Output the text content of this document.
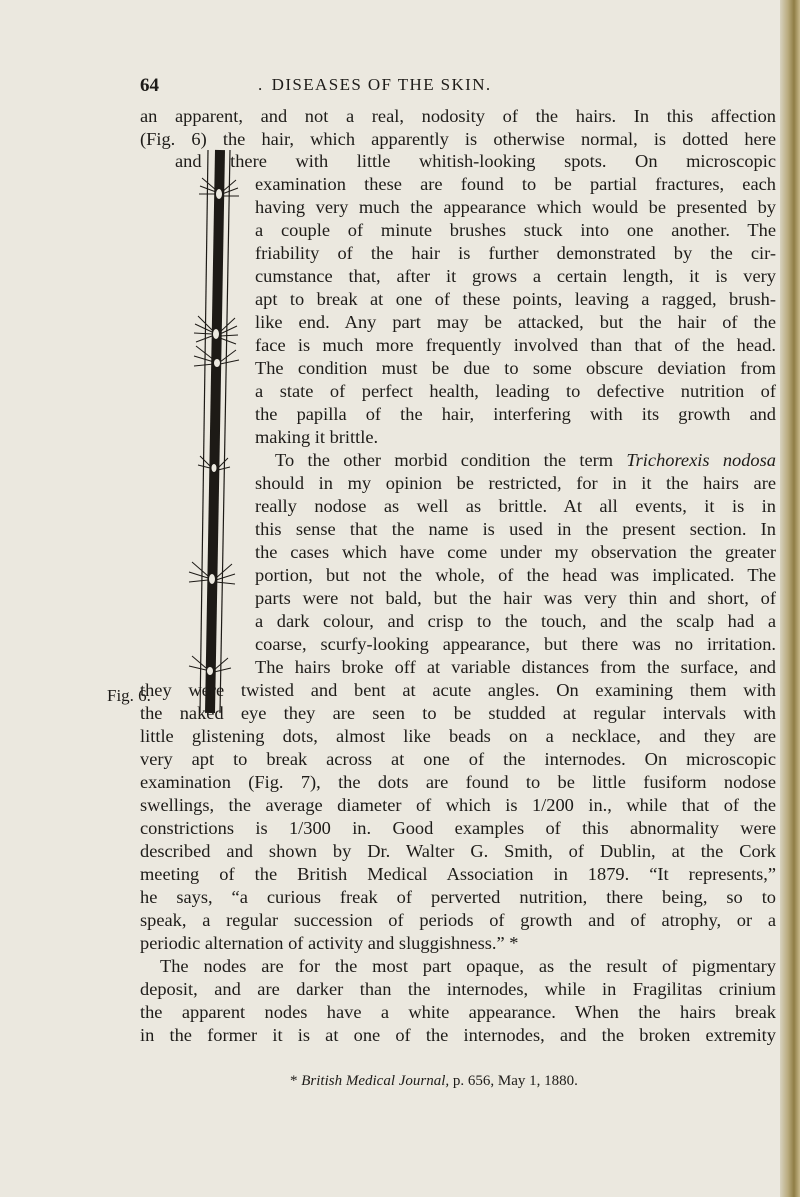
64	. DISEASES OF THE SKIN.
Fig. 6.
an apparent, and not a real, nodosity of the hairs. In this affection
(Fig. 6) the hair, which apparently is otherwise normal, is dotted here
and there with little whitish-looking spots. On microscopic
examination these are found to be partial fractures, each
having very much the appearance which would be presented by
a couple of minute brushes stuck into one another. The
friability of the hair is further demonstrated by the cir-
cumstance that, after it grows a certain length, it is very
apt to break at one of these points, leaving a ragged, brush-
like end. Any part may be attacked, but the hair of the
face is much more frequently involved than that of the head.
The condition must be due to some obscure deviation from
a state of perfect health, leading to defective nutrition of
the papilla of the hair, interfering with its growth and
making it brittle.
To the other morbid condition the term Trichorexis nodosa
should in my opinion be restricted, for in it the hairs are
really nodose as well as brittle. At all events, it is in
this sense that the name is used in the present section. In
the cases which have come under my observation the greater
portion, but not the whole, of the head was implicated. The
parts were not bald, but the hair was very thin and short, of
a dark colour, and crisp to the touch, and the scalp had a
coarse, scurfy-looking appearance, but there was no irritation.
The hairs broke off at variable distances from the surface, and
they were twisted and bent at acute angles. On examining them with
the naked eye they are seen to be studded at regular intervals with
little glistening dots, almost like beads on a necklace, and they are
very apt to break across at one of the internodes. On microscopic
examination (Fig. 7), the dots are found to be little fusiform nodose
swellings, the average diameter of which is 1/200 in., while that of the
constrictions is 1/300 in. Good examples of this abnormality were
described and shown by Dr. Walter G. Smith, of Dublin, at the Cork
meeting of the British Medical Association in 1879. “It represents,”
he says, “a curious freak of perverted nutrition, there being, so to
speak, a regular succession of periods of growth and of atrophy, or a
periodic alternation of activity and sluggishness.” *
The nodes are for the most part opaque, as the result of pigmentary
deposit, and are darker than the internodes, while in Fragilitas crinium
the apparent nodes have a white appearance. When the hairs break
in the former it is at one of the internodes, and the broken extremity
* British Medical Journal, p. 656, May 1, 1880.
